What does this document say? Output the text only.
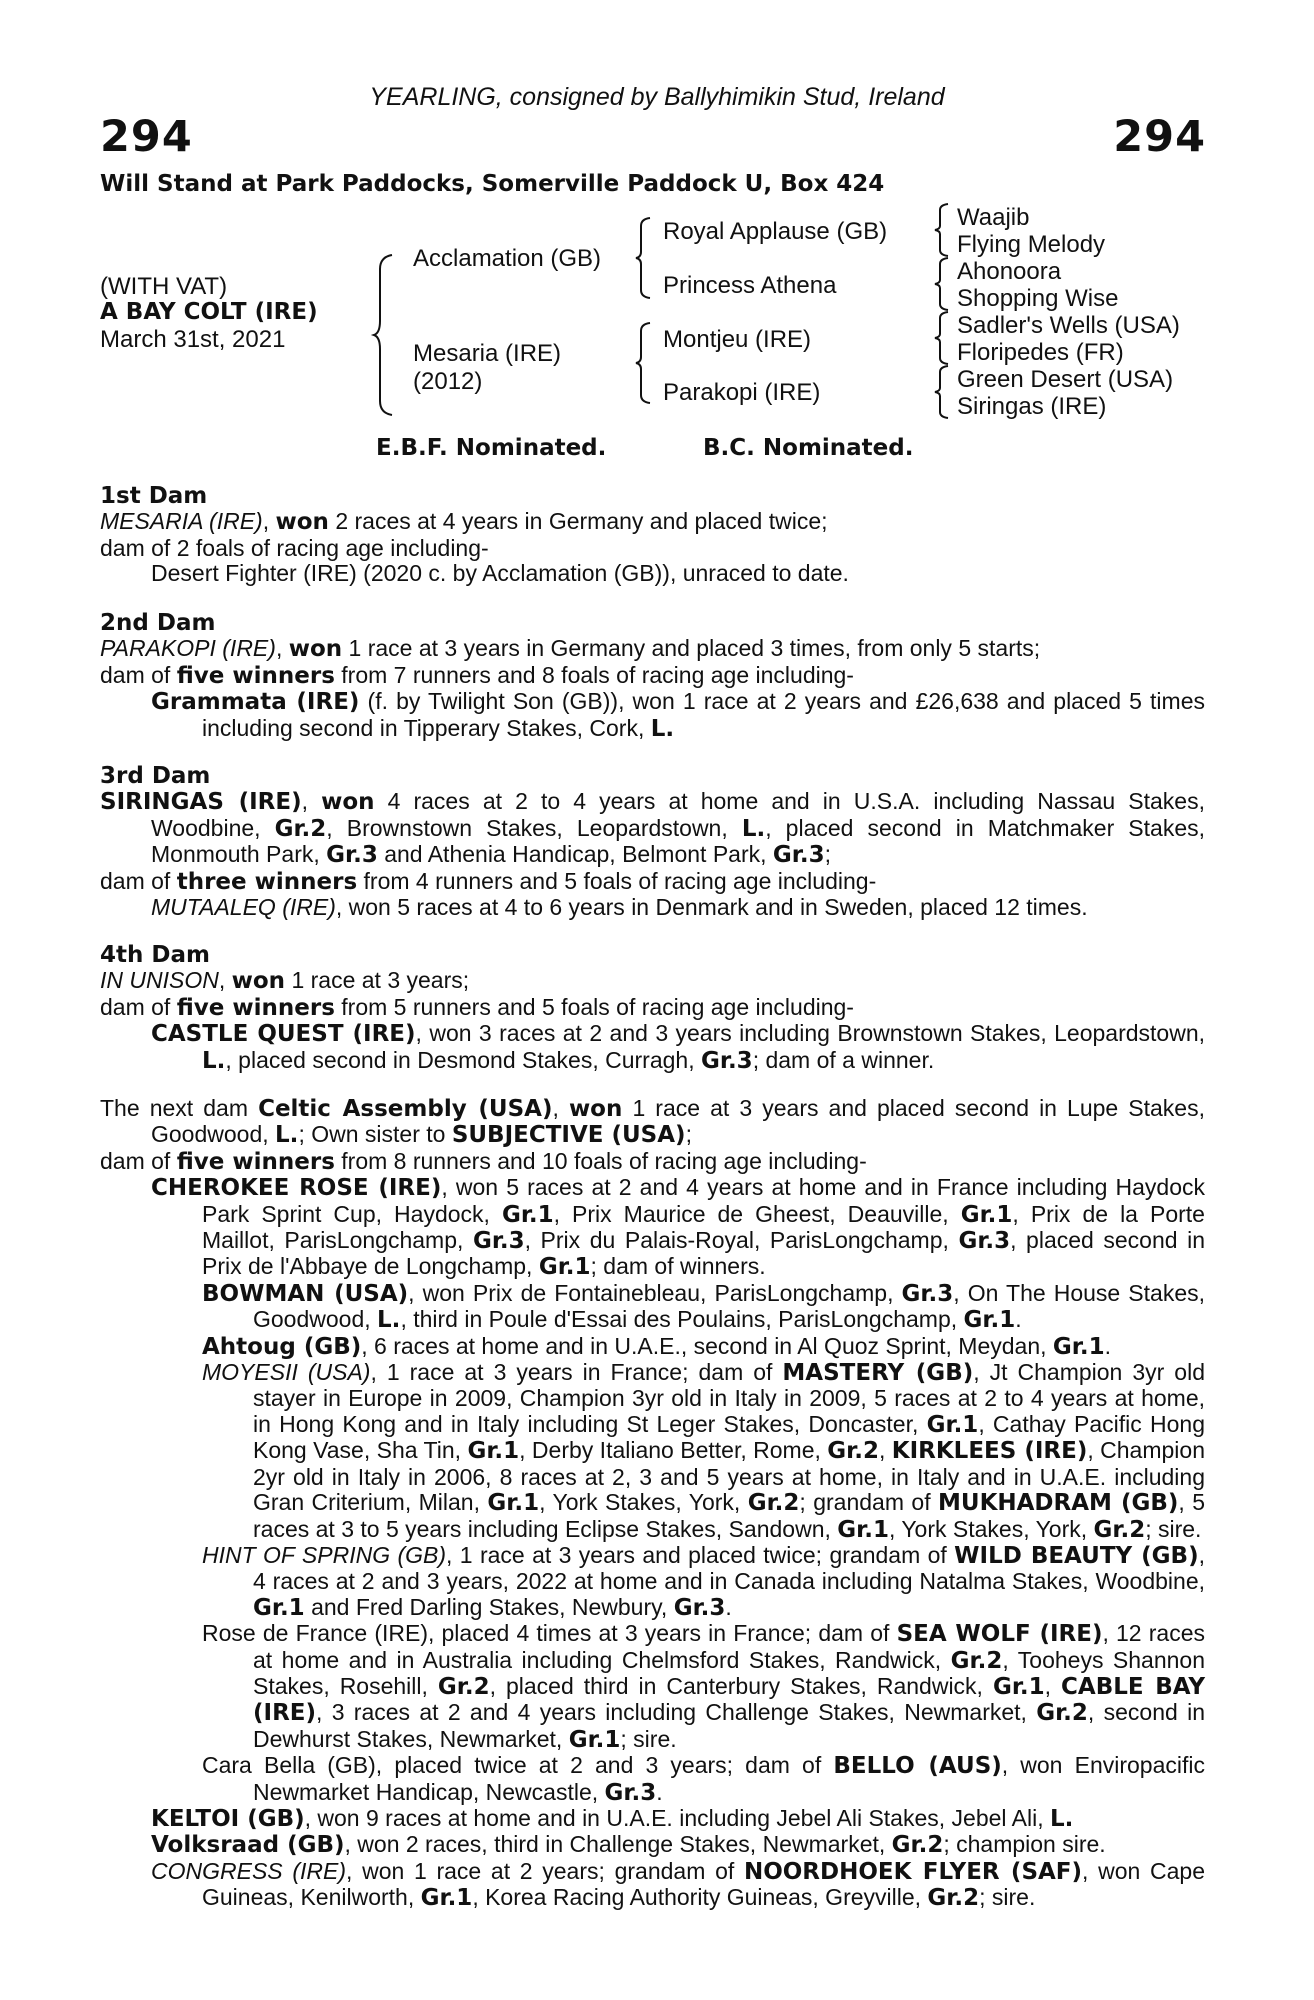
YEARLING, consigned by Ballyhimikin Stud, Ireland
294	294
Will Stand at Park Paddocks, Somerville Paddock U, Box 424
(WITH VAT)
A BAY COLT (IRE)
March 31st, 2021
Acclamation (GB)
Mesaria (IRE)
(2012)
Royal Applause (GB)
Princess Athena
Montjeu (IRE)
Parakopi (IRE)
Waajib
Flying Melody
Ahonoora
Shopping Wise
Sadler's Wells (USA)
Floripedes (FR)
Green Desert (USA)
Siringas (IRE)
E.B.F. Nominated.	B.C. Nominated.

1st Dam

MESARIA (IRE), won 2 races at 4 years in Germany and placed twice;

dam of 2 foals of racing age including-

Desert Fighter (IRE) (2020 c. by Acclamation (GB)), unraced to date.

2nd Dam

PARAKOPI (IRE), won 1 race at 3 years in Germany and placed 3 times, from only 5 starts;

dam of five winners from 7 runners and 8 foals of racing age including-

Grammata (IRE) (f. by Twilight Son (GB)), won 1 race at 2 years and £26,638 and placed 5 times including second in Tipperary Stakes, Cork, L.

3rd Dam

SIRINGAS (IRE), won 4 races at 2 to 4 years at home and in U.S.A. including Nassau Stakes, Woodbine, Gr.2, Brownstown Stakes, Leopardstown, L., placed second in Matchmaker Stakes, Monmouth Park, Gr.3 and Athenia Handicap, Belmont Park, Gr.3;

dam of three winners from 4 runners and 5 foals of racing age including-

MUTAALEQ (IRE), won 5 races at 4 to 6 years in Denmark and in Sweden, placed 12 times.

4th Dam

IN UNISON, won 1 race at 3 years;

dam of five winners from 5 runners and 5 foals of racing age including-

CASTLE QUEST (IRE), won 3 races at 2 and 3 years including Brownstown Stakes, Leopardstown, L., placed second in Desmond Stakes, Curragh, Gr.3; dam of a winner.

The next dam Celtic Assembly (USA), won 1 race at 3 years and placed second in Lupe Stakes, Goodwood, L.; Own sister to SUBJECTIVE (USA);

dam of five winners from 8 runners and 10 foals of racing age including-

CHEROKEE ROSE (IRE), won 5 races at 2 and 4 years at home and in France including Haydock Park Sprint Cup, Haydock, Gr.1, Prix Maurice de Gheest, Deauville, Gr.1, Prix de la Porte Maillot, ParisLongchamp, Gr.3, Prix du Palais-Royal, ParisLongchamp, Gr.3, placed second in Prix de l'Abbaye de Longchamp, Gr.1; dam of winners.

BOWMAN (USA), won Prix de Fontainebleau, ParisLongchamp, Gr.3, On The House Stakes, Goodwood, L., third in Poule d'Essai des Poulains, ParisLongchamp, Gr.1.

Ahtoug (GB), 6 races at home and in U.A.E., second in Al Quoz Sprint, Meydan, Gr.1.

MOYESII (USA), 1 race at 3 years in France; dam of MASTERY (GB), Jt Champion 3yr old stayer in Europe in 2009, Champion 3yr old in Italy in 2009, 5 races at 2 to 4 years at home, in Hong Kong and in Italy including St Leger Stakes, Doncaster, Gr.1, Cathay Pacific Hong Kong Vase, Sha Tin, Gr.1, Derby Italiano Better, Rome, Gr.2, KIRKLEES (IRE), Champion 2yr old in Italy in 2006, 8 races at 2, 3 and 5 years at home, in Italy and in U.A.E. including Gran Criterium, Milan, Gr.1, York Stakes, York, Gr.2; grandam of MUKHADRAM (GB), 5 races at 3 to 5 years including Eclipse Stakes, Sandown, Gr.1, York Stakes, York, Gr.2; sire.

HINT OF SPRING (GB), 1 race at 3 years and placed twice; grandam of WILD BEAUTY (GB), 4 races at 2 and 3 years, 2022 at home and in Canada including Natalma Stakes, Woodbine, Gr.1 and Fred Darling Stakes, Newbury, Gr.3.

Rose de France (IRE), placed 4 times at 3 years in France; dam of SEA WOLF (IRE), 12 races at home and in Australia including Chelmsford Stakes, Randwick, Gr.2, Tooheys Shannon Stakes, Rosehill, Gr.2, placed third in Canterbury Stakes, Randwick, Gr.1, CABLE BAY (IRE), 3 races at 2 and 4 years including Challenge Stakes, Newmarket, Gr.2, second in Dewhurst Stakes, Newmarket, Gr.1; sire.

Cara Bella (GB), placed twice at 2 and 3 years; dam of BELLO (AUS), won Enviropacific Newmarket Handicap, Newcastle, Gr.3.

KELTOI (GB), won 9 races at home and in U.A.E. including Jebel Ali Stakes, Jebel Ali, L.

Volksraad (GB), won 2 races, third in Challenge Stakes, Newmarket, Gr.2; champion sire.

CONGRESS (IRE), won 1 race at 2 years; grandam of NOORDHOEK FLYER (SAF), won Cape Guineas, Kenilworth, Gr.1, Korea Racing Authority Guineas, Greyville, Gr.2; sire.
